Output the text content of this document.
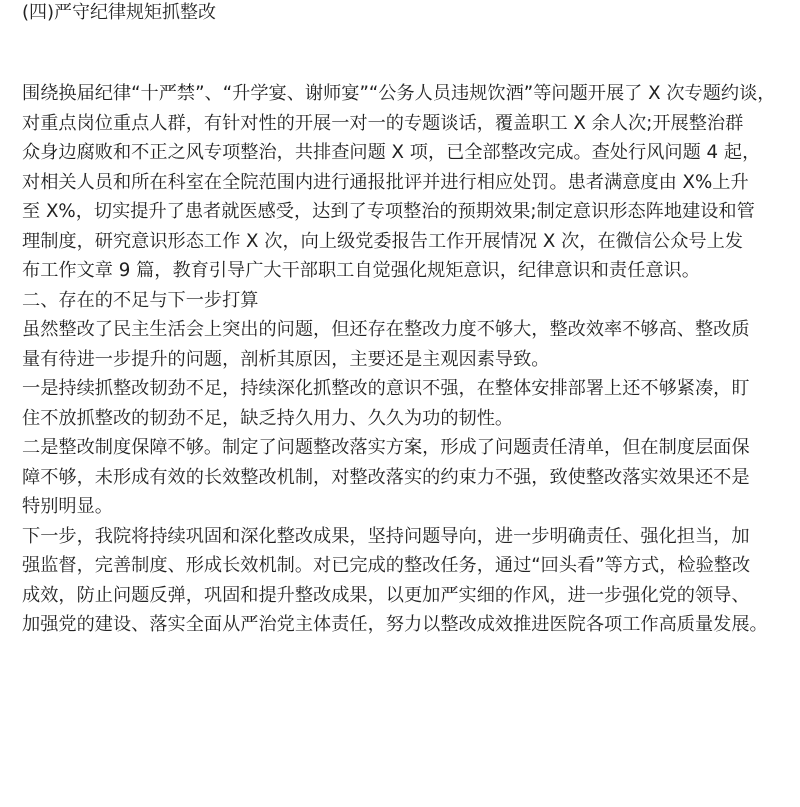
(四)严守纪律规矩抓整改
围绕换届纪律“十严禁”、“升学宴、谢师宴”“公务人员违规饮酒”等问题开展了 X 次专题约谈，
对重点岗位重点人群，有针对性的开展一对一的专题谈话，覆盖职工 X 余人次;开展整治群
众身边腐败和不正之风专项整治，共排查问题 X 项，已全部整改完成。查处行风问题 4 起，
对相关人员和所在科室在全院范围内进行通报批评并进行相应处罚。患者满意度由 X%上升
至 X%，切实提升了患者就医感受，达到了专项整治的预期效果;制定意识形态阵地建设和管
理制度，研究意识形态工作 X 次，向上级党委报告工作开展情况 X 次，在微信公众号上发
布工作文章 9 篇，教育引导广大干部职工自觉强化规矩意识，纪律意识和责任意识。
二、存在的不足与下一步打算
虽然整改了民主生活会上突出的问题，但还存在整改力度不够大，整改效率不够高、整改质
量有待进一步提升的问题，剖析其原因，主要还是主观因素导致。
一是持续抓整改韧劲不足，持续深化抓整改的意识不强，在整体安排部署上还不够紧凑，盯
住不放抓整改的韧劲不足，缺乏持久用力、久久为功的韧性。
二是整改制度保障不够。制定了问题整改落实方案，形成了问题责任清单，但在制度层面保
障不够，未形成有效的长效整改机制，对整改落实的约束力不强，致使整改落实效果还不是
特别明显。
下一步，我院将持续巩固和深化整改成果，坚持问题导向，进一步明确责任、强化担当，加
强监督，完善制度、形成长效机制。对已完成的整改任务，通过“回头看”等方式，检验整改
成效，防止问题反弹，巩固和提升整改成果，以更加严实细的作风，进一步强化党的领导、
加强党的建设、落实全面从严治党主体责任，努力以整改成效推进医院各项工作高质量发展。
